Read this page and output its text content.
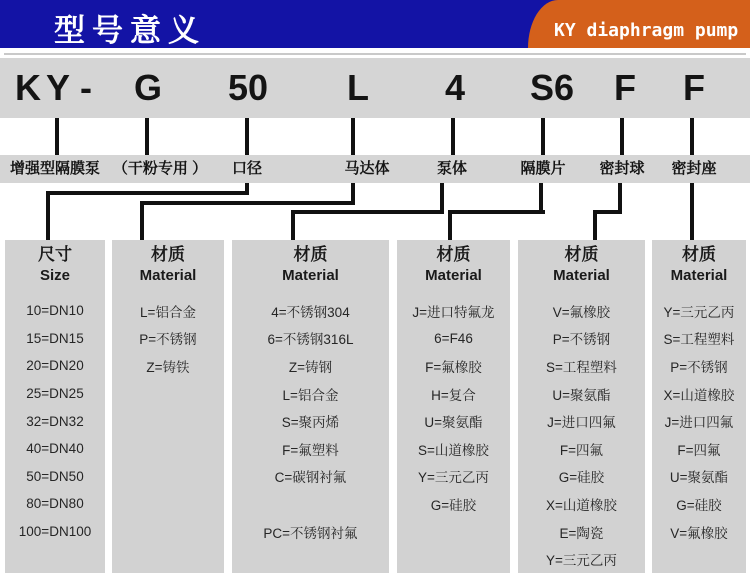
型号意义	KY diaphragm pump
K Y - G 50 L 4 S6 F F
增强型隔膜泵 （干粉专用 ） 口径	马达体	泵体	隔膜片 密封球 密封座
尺寸
Size
10=DN10
15=DN15
20=DN20
25=DN25
32=DN32
40=DN40
50=DN50
80=DN80
100=DN100
材质
Material
L=铝合金
P=不锈钢
Z=铸铁
材质
Material
4=不锈钢304
6=不锈钢316L
Z=铸钢
L=铝合金
S=聚丙烯
F=氟塑料
C=碳钢衬氟
PC=不锈钢衬氟
材质
Material
J=进口特氟龙
6=F46
F=氟橡胶
H=复合
U=聚氨酯
S=山道橡胶
Y=三元乙丙
G=硅胶
材质
Material
V=氟橡胶
P=不锈钢
S=工程塑料
U=聚氨酯
J=进口四氟
F=四氟
G=硅胶
X=山道橡胶
E=陶瓷
Y=三元乙丙
材质
Material
Y=三元乙丙
S=工程塑料
P=不锈钢
X=山道橡胶
J=进口四氟
F=四氟
U=聚氨酯
G=硅胶
V=氟橡胶
